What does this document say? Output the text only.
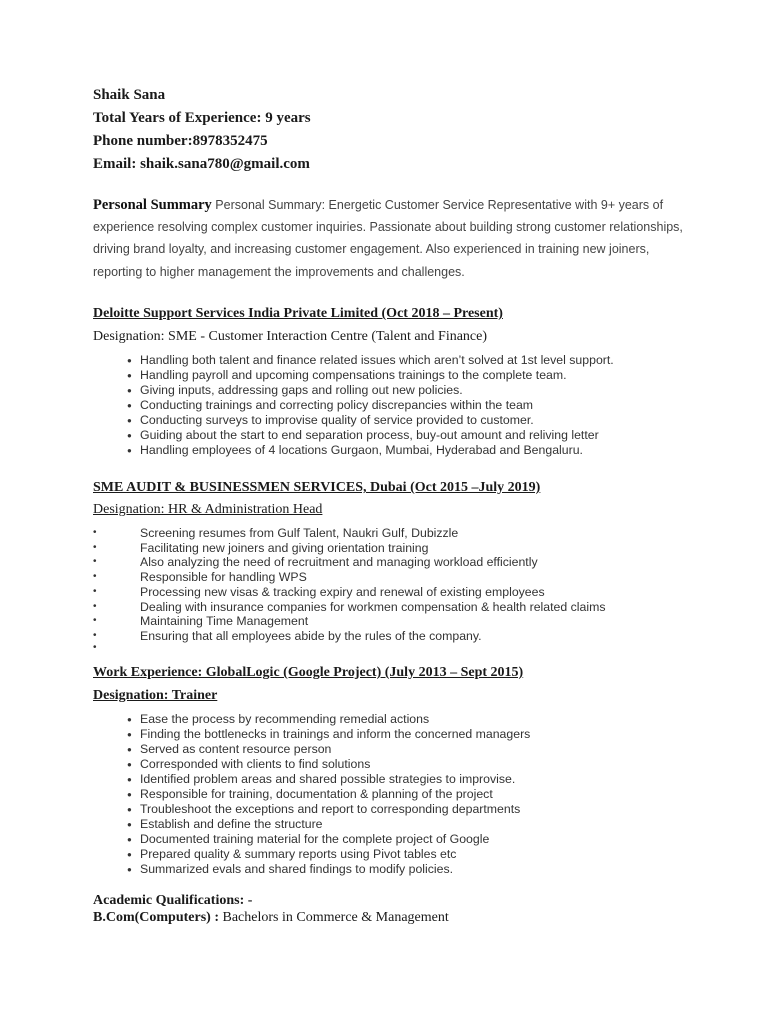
Shaik Sana
Total Years of Experience: 9 years
Phone number:8978352475
Email: shaik.sana780@gmail.com
Personal Summary Personal Summary: Energetic Customer Service Representative with 9+ years of experience resolving complex customer inquiries. Passionate about building strong customer relationships, driving brand loyalty, and increasing customer engagement. Also experienced in training new joiners, reporting to higher management the improvements and challenges.
Deloitte Support Services India Private Limited (Oct 2018 – Present)
Designation: SME - Customer Interaction Centre (Talent and Finance)
● Handling both talent and finance related issues which aren’t solved at 1st level support.
● Handling payroll and upcoming compensations trainings to the complete team.
● Giving inputs, addressing gaps and rolling out new policies.
● Conducting trainings and correcting policy discrepancies within the team
● Conducting surveys to improvise quality of service provided to customer.
● Guiding about the start to end separation process, buy-out amount and reliving letter
● Handling employees of 4 locations Gurgaon, Mumbai, Hyderabad and Bengaluru.
SME AUDIT & BUSINESSMEN SERVICES, Dubai (Oct 2015 –July 2019)
Designation: HR & Administration Head
• Screening resumes from Gulf Talent, Naukri Gulf, Dubizzle
• Facilitating new joiners and giving orientation training
• Also analyzing the need of recruitment and managing workload efficiently
• Responsible for handling WPS
• Processing new visas & tracking expiry and renewal of existing employees
• Dealing with insurance companies for workmen compensation & health related claims
• Maintaining Time Management
• Ensuring that all employees abide by the rules of the company.
•
Work Experience: GlobalLogic (Google Project) (July 2013 – Sept 2015)
Designation: Trainer
● Ease the process by recommending remedial actions
● Finding the bottlenecks in trainings and inform the concerned managers
● Served as content resource person
● Corresponded with clients to find solutions
● Identified problem areas and shared possible strategies to improvise.
● Responsible for training, documentation & planning of the project
● Troubleshoot the exceptions and report to corresponding departments
● Establish and define the structure
● Documented training material for the complete project of Google
● Prepared quality & summary reports using Pivot tables etc
● Summarized evals and shared findings to modify policies.
Academic Qualifications: -
B.Com(Computers) : Bachelors in Commerce & Management
